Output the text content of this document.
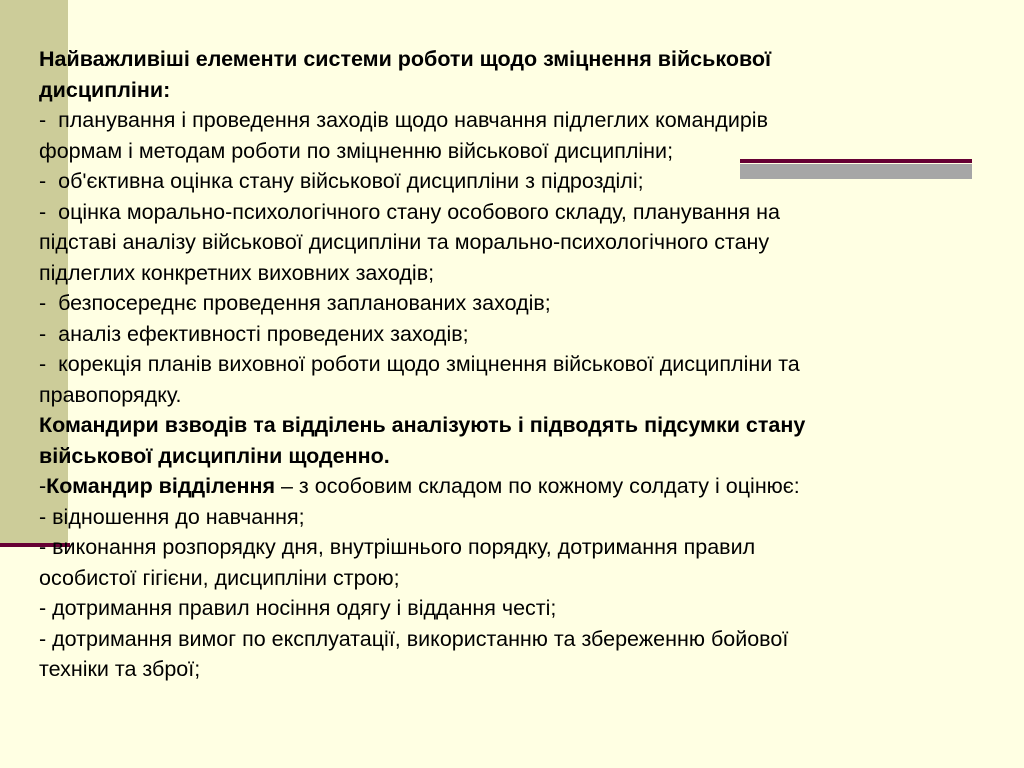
Найважливіші елементи системи роботи щодо зміцнення військової
дисципліни:
-  планування і проведення заходів щодо навчання підлеглих командирів
формам і методам роботи по зміцненню військової дисципліни;
-  об'єктивна оцінка стану військової дисципліни з підрозділі;
-  оцінка морально-психологічного стану особового складу, планування на
підставі аналізу військової дисципліни та морально-психологічного стану
підлеглих конкретних виховних заходів;
-  безпосереднє проведення запланованих заходів;
-  аналіз ефективності проведених заходів;
-  корекція планів виховної роботи щодо зміцнення військової дисципліни та
правопорядку.
Командири взводів та відділень аналізують і підводять підсумки стану
військової дисципліни щоденно.
-Командир відділення – з особовим складом по кожному солдату і оцінює:
- відношення до навчання;
- виконання розпорядку дня, внутрішнього порядку, дотримання правил
особистої гігієни, дисципліни строю;
- дотримання правил носіння одягу і віддання честі;
- дотримання вимог по експлуатації, використанню та збереженню бойової
техніки та зброї;
